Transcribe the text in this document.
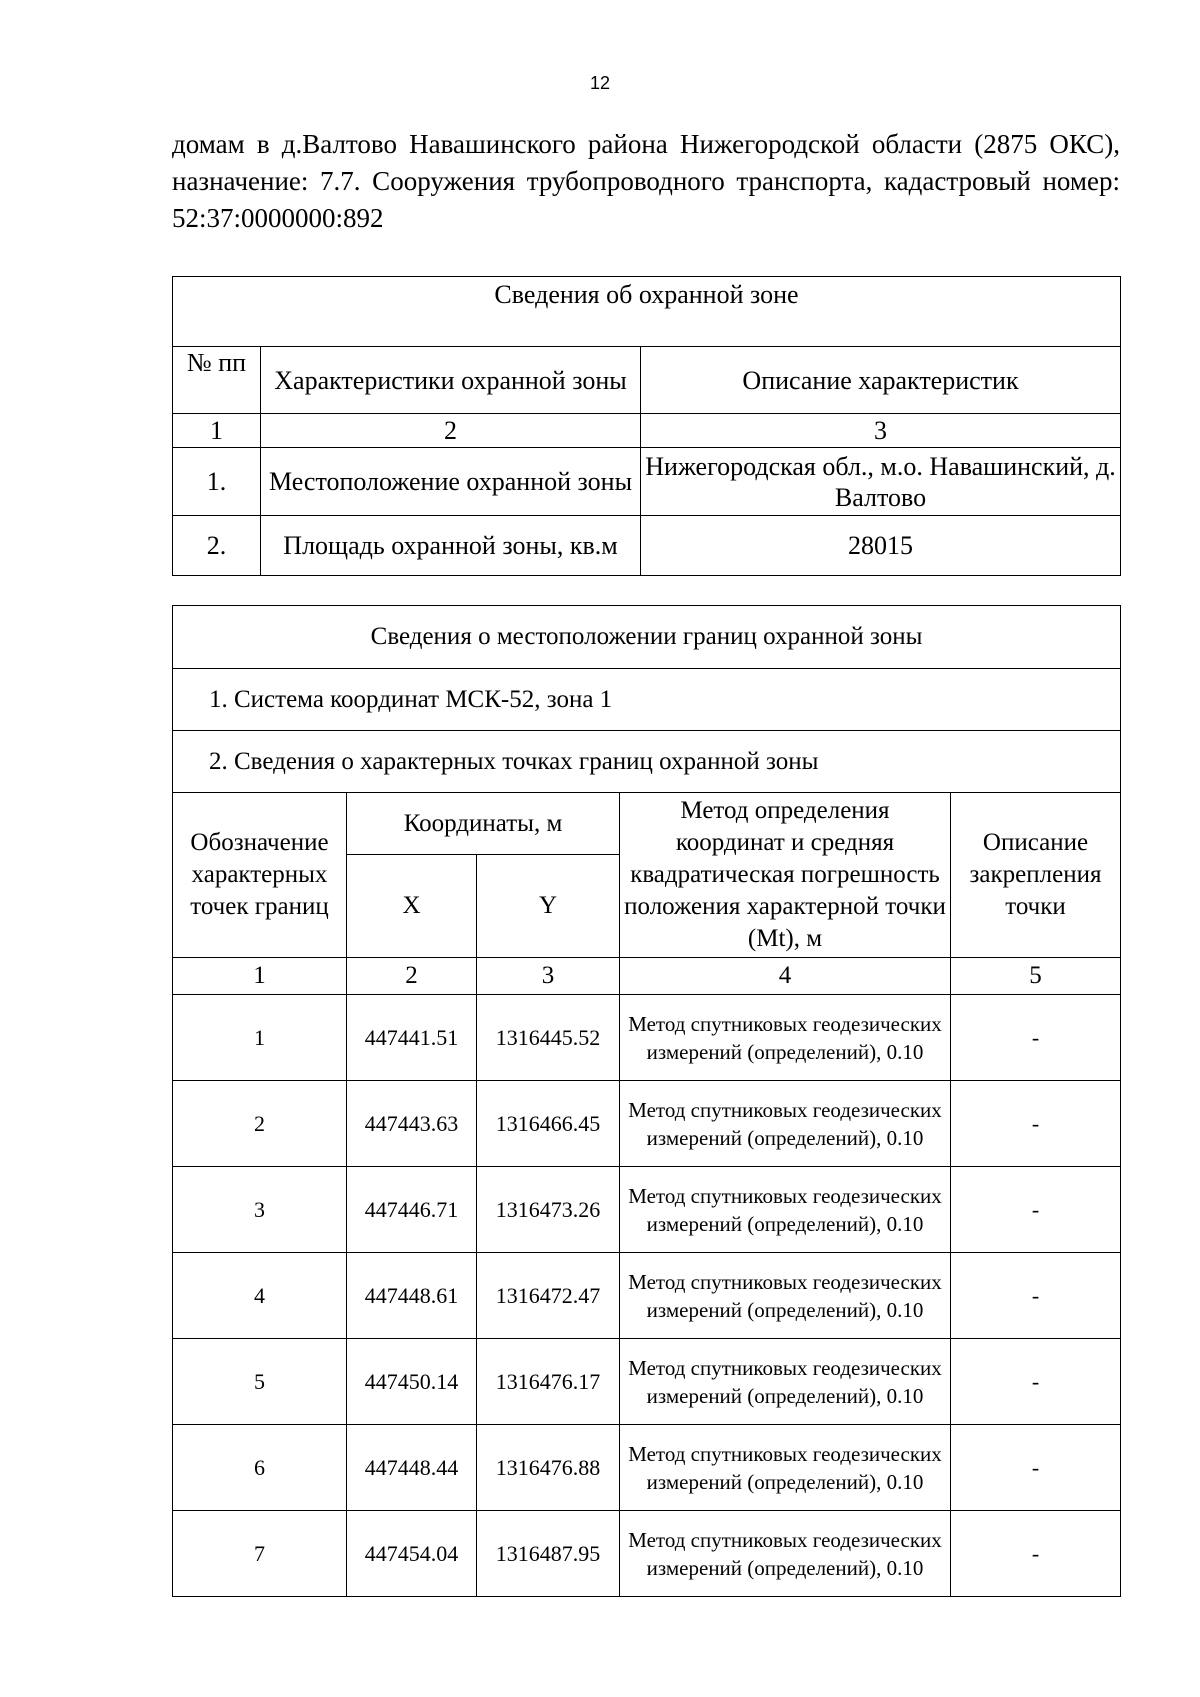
12
домам в д.Валтово Навашинского района Нижегородской области (2875 ОКС), назначение: 7.7. Сооружения трубопроводного транспорта, кадастровый номер: 52:37:0000000:892
Сведения об охранной зоне		
№ пп	Характеристики охранной зоны	Описание характеристик
1	2	3
1.	Местоположение охранной зоны	Нижегородская обл., м.о. Навашинский, д. Валтово
2.	Площадь охранной зоны, кв.м	28015
Сведения о местоположении границ охранной зоны				
1. Система координат МСК-52, зона 1				
2. Сведения о характерных точках границ охранной зоны				
Обозначение характерных точек границ	Координаты, м		Метод определения координат и средняя квадратическая погрешность положения характерной точки (Mt), м	Описание закрепления точки
	X	Y		
1	2	3	4	5
1	447441.51	1316445.52	Метод спутниковых геодезических измерений (определений), 0.10	-
2	447443.63	1316466.45	Метод спутниковых геодезических измерений (определений), 0.10	-
3	447446.71	1316473.26	Метод спутниковых геодезических измерений (определений), 0.10	-
4	447448.61	1316472.47	Метод спутниковых геодезических измерений (определений), 0.10	-
5	447450.14	1316476.17	Метод спутниковых геодезических измерений (определений), 0.10	-
6	447448.44	1316476.88	Метод спутниковых геодезических измерений (определений), 0.10	-
7	447454.04	1316487.95	Метод спутниковых геодезических измерений (определений), 0.10	-
